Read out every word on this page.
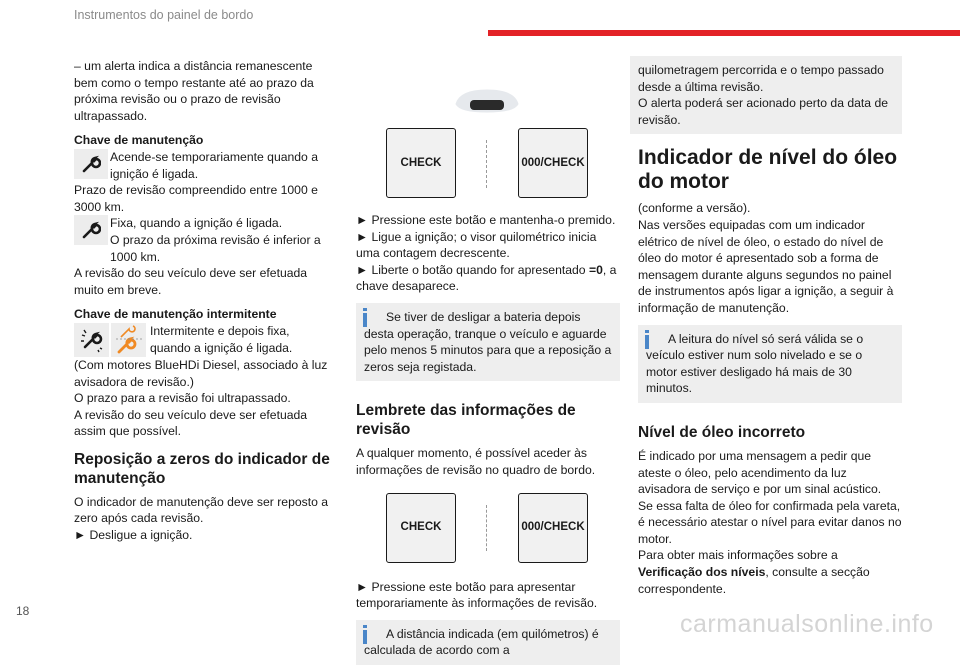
Instrumentos do painel de bordo

– um alerta indica a distância remanescente bem como o tempo restante até ao prazo da próxima revisão ou o prazo de revisão ultrapassado.

Chave de manutenção

Acende-se temporariamente quando a ignição é ligada.

Prazo de revisão compreendido entre 1000 e 3000 km.

Fixa, quando a ignição é ligada.
O prazo da próxima revisão é inferior a 1000 km.

A revisão do seu veículo deve ser efetuada muito em breve.

Chave de manutenção intermitente

Intermitente e depois fixa, quando a ignição é ligada.

(Com motores BlueHDi Diesel, associado à luz avisadora de revisão.)

O prazo para a revisão foi ultrapassado.

A revisão do seu veículo deve ser efetuada assim que possível.

Reposição a zeros do indicador de manutenção

O indicador de manutenção deve ser reposto a zero após cada revisão.

► Desligue a ignição.

CHECK	000/CHECK

► Pressione este botão e mantenha-o premido.

► Ligue a ignição; o visor quilométrico inicia uma contagem decrescente.

► Liberte o botão quando for apresentado =0, a chave desaparece.

Se tiver de desligar a bateria depois desta operação, tranque o veículo e aguarde pelo menos 5 minutos para que a reposição a zeros seja registada.

Lembrete das informações de revisão

A qualquer momento, é possível aceder às informações de revisão no quadro de bordo.

CHECK	000/CHECK

► Pressione este botão para apresentar temporariamente às informações de revisão.

A distância indicada (em quilómetros) é calculada de acordo com a

quilometragem percorrida e o tempo passado desde a última revisão.

O alerta poderá ser acionado perto da data de revisão.

Indicador de nível do óleo do motor

(conforme a versão).

Nas versões equipadas com um indicador elétrico de nível de óleo, o estado do nível de óleo do motor é apresentado sob a forma de mensagem durante alguns segundos no painel de instrumentos após ligar a ignição, a seguir à informação de manutenção.

A leitura do nível só será válida se o veículo estiver num solo nivelado e se o motor estiver desligado há mais de 30 minutos.

Nível de óleo incorreto

É indicado por uma mensagem a pedir que ateste o óleo, pelo acendimento da luz avisadora de serviço e por um sinal acústico.

Se essa falta de óleo for confirmada pela vareta, é necessário atestar o nível para evitar danos no motor.

Para obter mais informações sobre a Verificação dos níveis, consulte a secção correspondente.

18	carmanualsonline.info
